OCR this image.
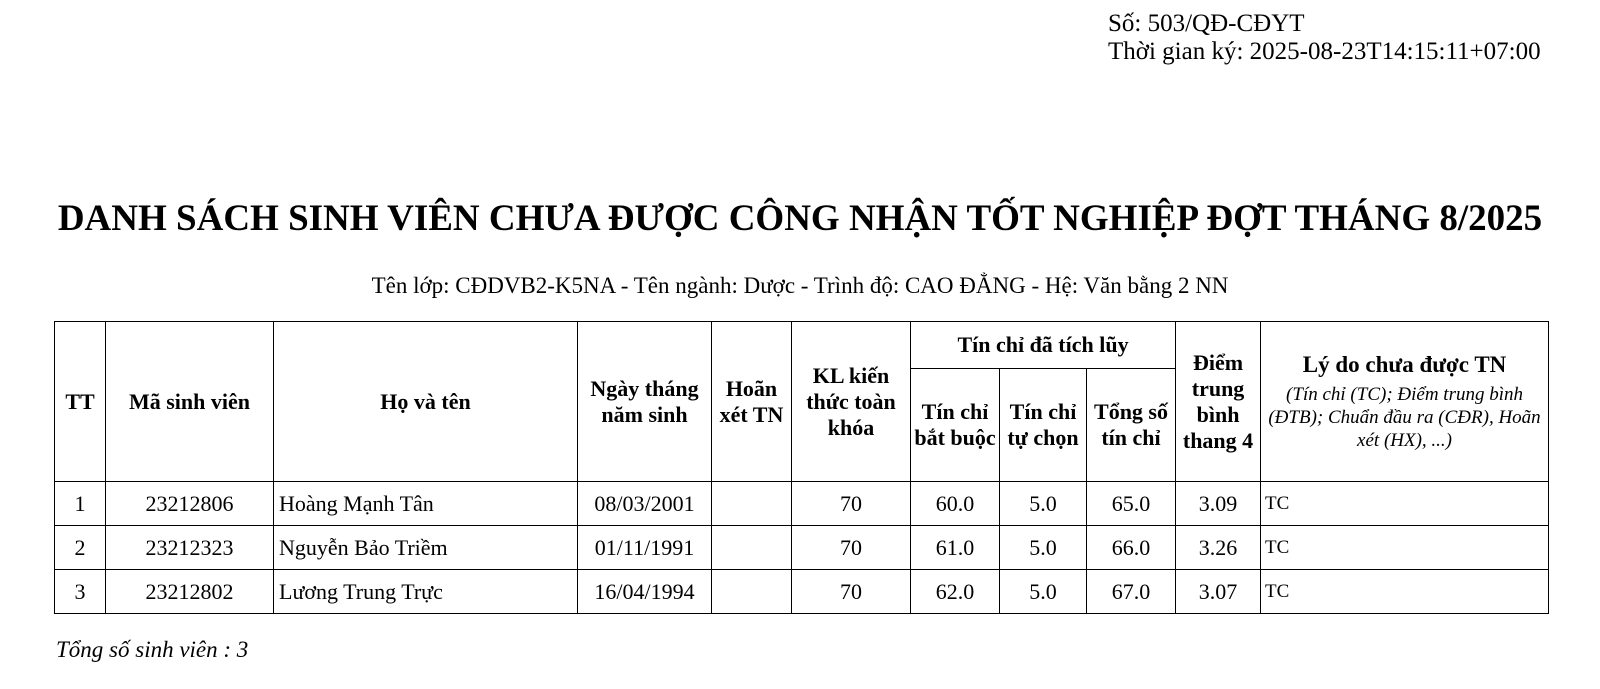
Số: 503/QĐ-CĐYT
Thời gian ký: 2025-08-23T14:15:11+07:00
DANH SÁCH SINH VIÊN CHƯA ĐƯỢC CÔNG NHẬN TỐT NGHIỆP ĐỢT THÁNG 8/2025
Tên lớp: CĐDVB2-K5NA - Tên ngành: Dược - Trình độ: CAO ĐẲNG - Hệ: Văn bằng 2 NN
TT	Mã sinh viên	Họ và tên	Ngày tháng năm sinh	Hoãn xét TN	KL kiến thức toàn khóa	Tín chỉ đã tích lũy			Điểm trung bình thang 4	Lý do chưa được TN
(Tín chỉ (TC); Điểm trung bình (ĐTB); Chuẩn đầu ra (CĐR), Hoãn xét (HX), ...)

						Tín chỉ bắt buộc	Tín chỉ tự chọn	Tổng số tín chỉ		
1	23212806	Hoàng Mạnh Tân	08/03/2001		70	60.0	5.0	65.0	3.09	TC
2	23212323	Nguyễn Bảo Triềm	01/11/1991		70	61.0	5.0	66.0	3.26	TC
3	23212802	Lương Trung Trực	16/04/1994		70	62.0	5.0	67.0	3.07	TC
Tổng số sinh viên : 3
